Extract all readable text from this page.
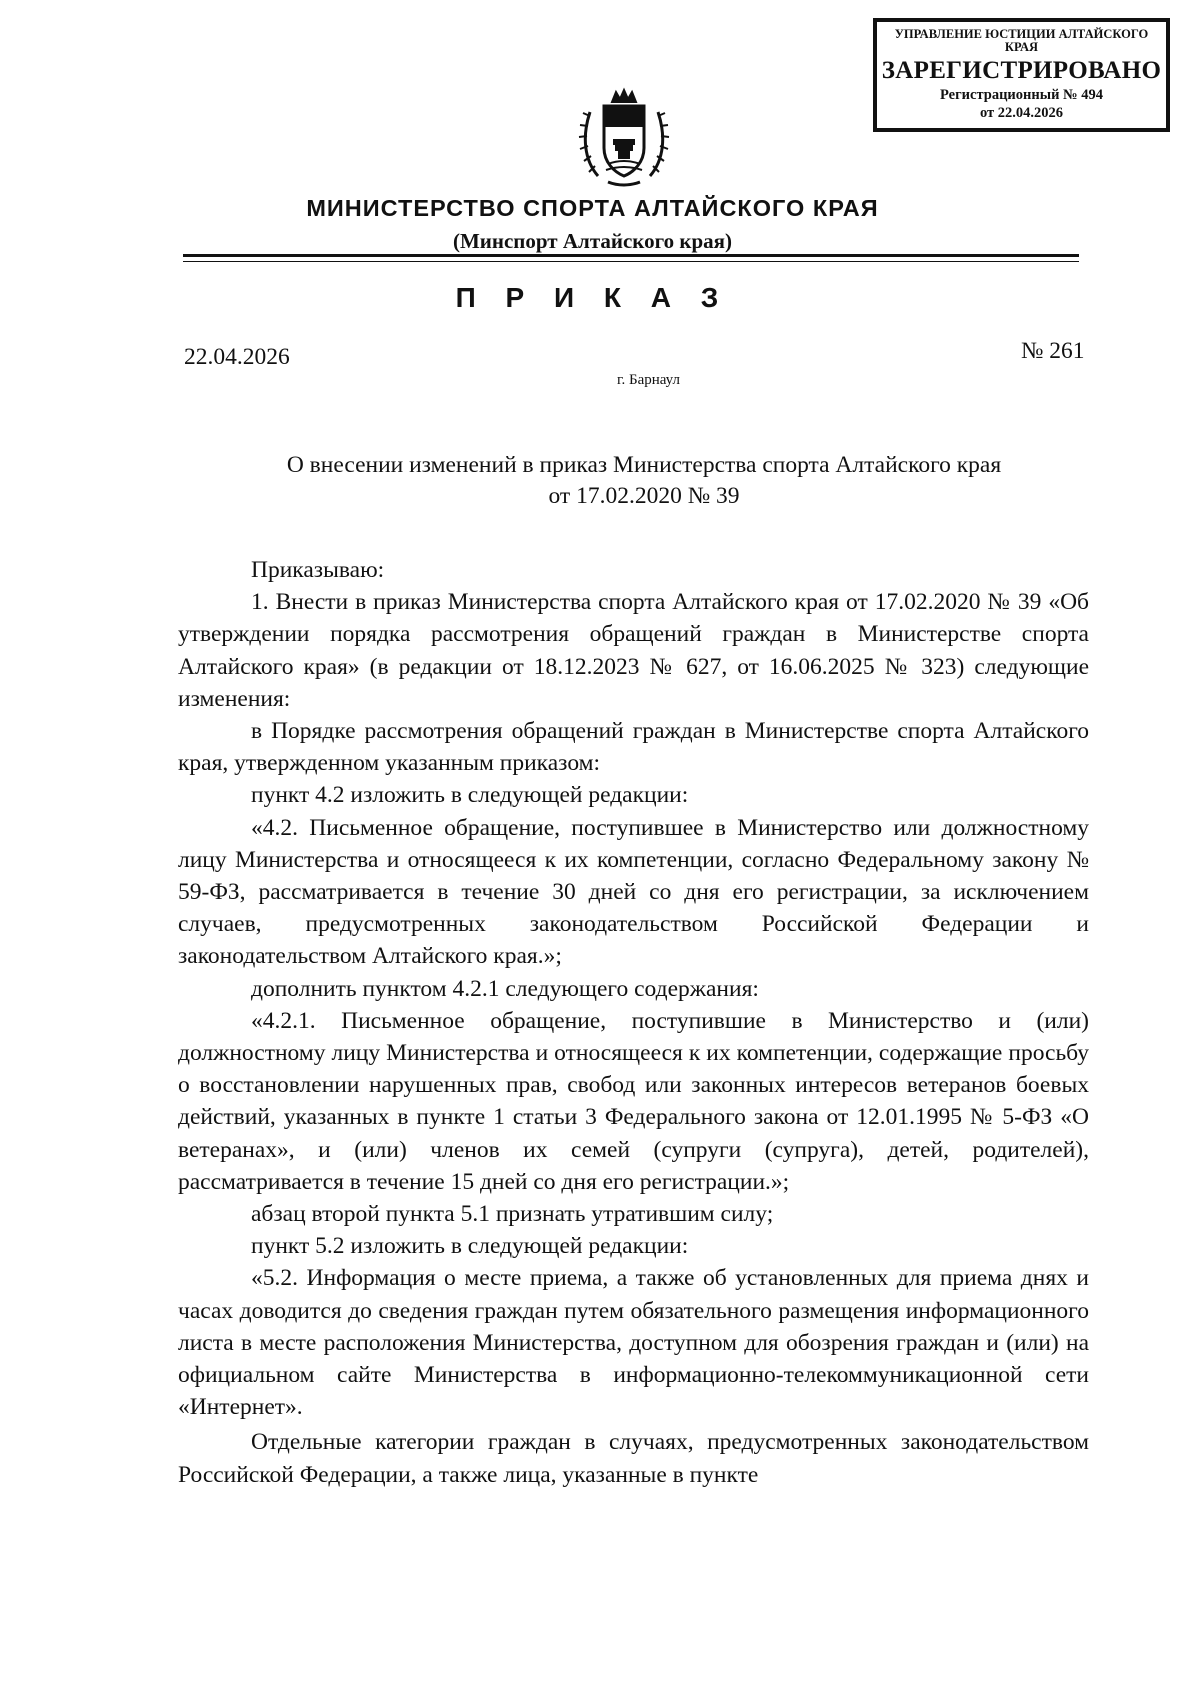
УПРАВЛЕНИЕ ЮСТИЦИИ АЛТАЙСКОГО КРАЯ
ЗАРЕГИСТРИРОВАНО
Регистрационный № 494
от 22.04.2026
МИНИСТЕРСТВО СПОРТА АЛТАЙСКОГО КРАЯ
(Минспорт Алтайского края)
П Р И К А З
22.04.2026	№ 261
г. Барнаул
О внесении изменений в приказ Министерства спорта Алтайского края
от 17.02.2020 № 39

Приказываю:

1. Внести в приказ Министерства спорта Алтайского края от 17.02.2020 № 39 «Об утверждении порядка рассмотрения обращений граждан в Министерстве спорта Алтайского края» (в редакции от 18.12.2023 № 627, от 16.06.2025 № 323) следующие изменения:

в Порядке рассмотрения обращений граждан в Министерстве спорта Алтайского края, утвержденном указанным приказом:

пункт 4.2 изложить в следующей редакции:

«4.2. Письменное обращение, поступившее в Министерство или должностному лицу Министерства и относящееся к их компетенции, согласно Федеральному закону № 59-ФЗ, рассматривается в течение 30 дней со дня его регистрации, за исключением случаев, предусмотренных законодательством Российской Федерации и законодательством Алтайского края.»;

дополнить пунктом 4.2.1 следующего содержания:

«4.2.1. Письменное обращение, поступившие в Министерство и (или) должностному лицу Министерства и относящееся к их компетенции, содержащие просьбу о восстановлении нарушенных прав, свобод или законных интересов ветеранов боевых действий, указанных в пункте 1 статьи 3 Федерального закона от 12.01.1995 № 5-ФЗ «О ветеранах», и (или) членов их семей (супруги (супруга), детей, родителей), рассматривается в течение 15 дней со дня его регистрации.»;

абзац второй пункта 5.1 признать утратившим силу;

пункт 5.2 изложить в следующей редакции:

«5.2. Информация о месте приема, а также об установленных для приема днях и часах доводится до сведения граждан путем обязательного размещения информационного листа в месте расположения Министерства, доступном для обозрения граждан и (или) на официальном сайте Министерства в информационно-телекоммуникационной сети «Интернет».

Отдельные категории граждан в случаях, предусмотренных законодательством Российской Федерации, а также лица, указанные в пункте
